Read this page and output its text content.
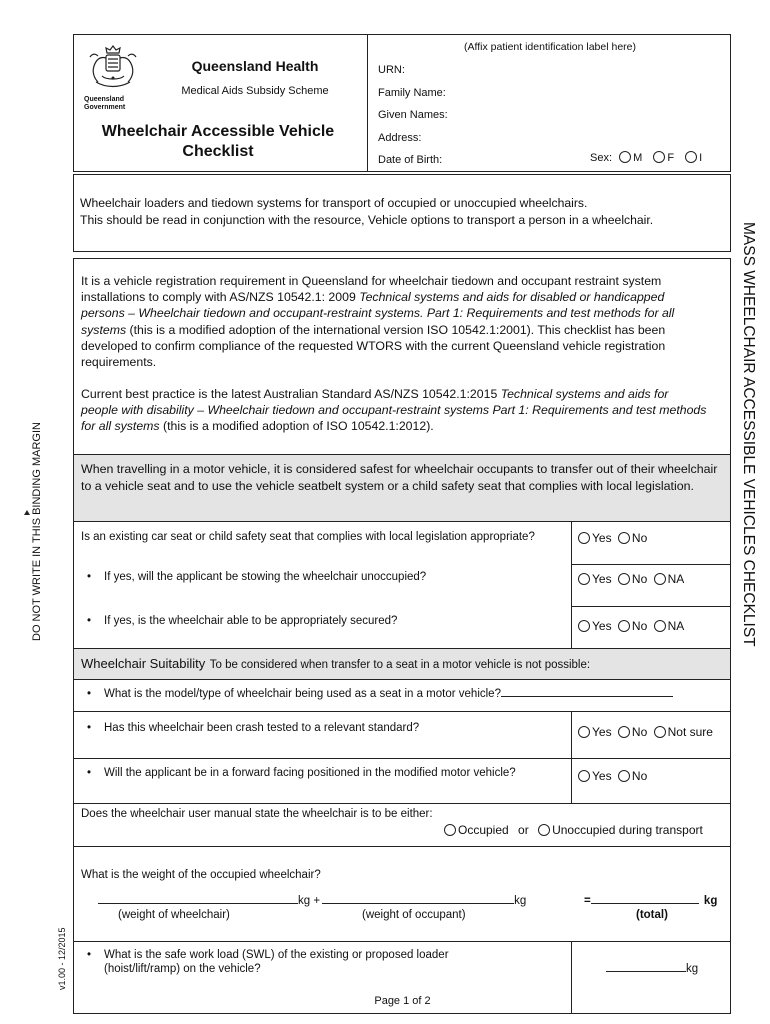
Queensland Government
Queensland Health
Medical Aids Subsidy Scheme
Wheelchair Accessible Vehicle
Checklist
(Affix patient identification label here)
URN:
Family Name:
Given Names:
Address:
Date of Birth:	Sex: M F I
Wheelchair loaders and tiedown systems for transport of occupied or unoccupied wheelchairs.
This should be read in conjunction with the resource, Vehicle options to transport a person in a wheelchair.
It is a vehicle registration requirement in Queensland for wheelchair tiedown and occupant restraint system installations to comply with AS/NZS 10542.1: 2009 Technical systems and aids for disabled or handicapped persons – Wheelchair tiedown and occupant-restraint systems. Part 1: Requirements and test methods for all systems (this is a modified adoption of the international version ISO 10542.1:2001). This checklist has been developed to confirm compliance of the requested WTORS with the current Queensland vehicle registration requirements.
Current best practice is the latest Australian Standard AS/NZS 10542.1:2015 Technical systems and aids for people with disability – Wheelchair tiedown and occupant-restraint systems Part 1: Requirements and test methods for all systems (this is a modified adoption of ISO 10542.1:2012).
When travelling in a motor vehicle, it is considered safest for wheelchair occupants to transfer out of their wheelchair to a vehicle seat and to use the vehicle seatbelt system or a child safety seat that complies with local legislation.
Is an existing car seat or child safety seat that complies with local legislation appropriate?	Yes No
• If yes, will the applicant be stowing the wheelchair unoccupied?	Yes No NA
• If yes, is the wheelchair able to be appropriately secured?	Yes No NA
Wheelchair Suitability To be considered when transfer to a seat in a motor vehicle is not possible:
• What is the model/type of wheelchair being used as a seat in a motor vehicle?
• Has this wheelchair been crash tested to a relevant standard?	Yes No Not sure
• Will the applicant be in a forward facing positioned in the modified motor vehicle?	Yes No
Does the wheelchair user manual state the wheelchair is to be either:
Occupied or Unoccupied during transport
What is the weight of the occupied wheelchair?
kg +	kg	=	kg
(weight of wheelchair)	(weight of occupant)	(total)
• What is the safe work load (SWL) of the existing or proposed loader (hoist/lift/ramp) on the vehicle?	kg
DO NOT WRITE IN THIS BINDING MARGIN
v1.00 - 12/2015
MASS WHEELCHAIR ACCESSIBLE VEHICLES CHECKLIST
Page 1 of 2
